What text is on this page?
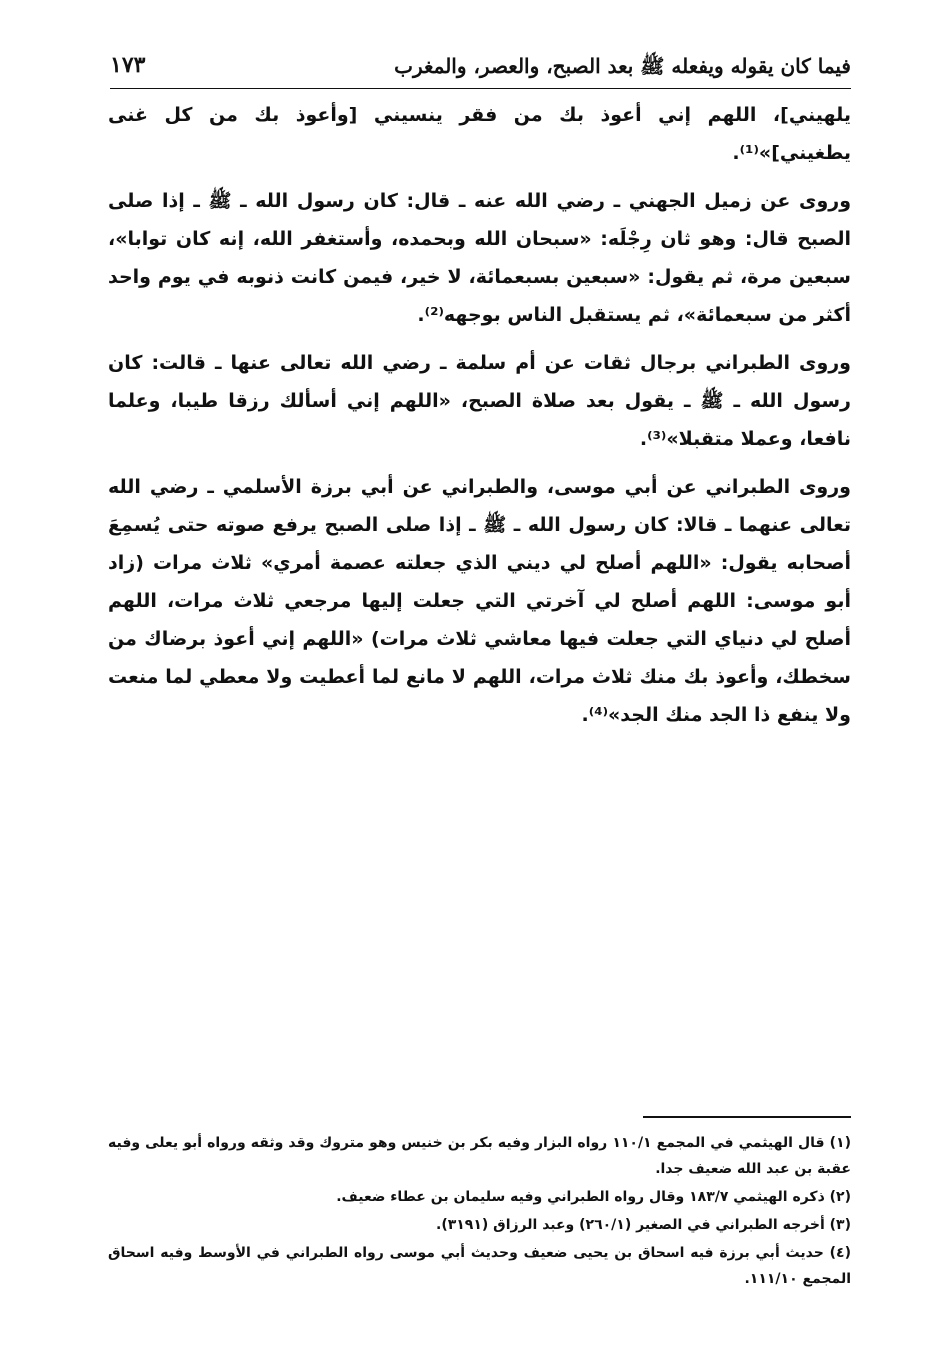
فيما كان يقوله ويفعله ﷺ بعد الصبح، والعصر، والمغرب
١٧٣

يلهيني]، اللهم إني أعوذ بك من فقر ينسيني [وأعوذ بك من كل غنى يطغيني]»⁽¹⁾.

وروى عن زميل الجهني ـ رضي الله عنه ـ قال: كان رسول الله ـ ﷺ ـ إذا صلى الصبح قال: وهو ثان رِجْلَه: «سبحان الله وبحمده، وأستغفر الله، إنه كان توابا»، سبعين مرة، ثم يقول: «سبعين بسبعمائة، لا خير، فيمن كانت ذنوبه في يوم واحد أكثر من سبعمائة»، ثم يستقبل الناس بوجهه⁽²⁾.

وروى الطبراني برجال ثقات عن أم سلمة ـ رضي الله تعالى عنها ـ قالت: كان رسول الله ـ ﷺ ـ يقول بعد صلاة الصبح، «اللهم إني أسألك رزقا طيبا، وعلما نافعا، وعملا متقبلا»⁽³⁾.

وروى الطبراني عن أبي موسى، والطبراني عن أبي برزة الأسلمي ـ رضي الله تعالى عنهما ـ قالا: كان رسول الله ـ ﷺ ـ إذا صلى الصبح يرفع صوته حتى يُسمِعَ أصحابه يقول: «اللهم أصلح لي ديني الذي جعلته عصمة أمري» ثلاث مرات (زاد أبو موسى: اللهم أصلح لي آخرتي التي جعلت إليها مرجعي ثلاث مرات، اللهم أصلح لي دنياي التي جعلت فيها معاشي ثلاث مرات) «اللهم إني أعوذ برضاك من سخطك، وأعوذ بك منك ثلاث مرات، اللهم لا مانع لما أعطيت ولا معطي لما منعت ولا ينفع ذا الجد منك الجد»⁽⁴⁾.

(١) قال الهيثمي في المجمع ١١٠/١ رواه البزار وفيه بكر بن خنيس وهو متروك وقد وثقه ورواه أبو يعلى وفيه عقبة بن عبد الله ضعيف جدا.

(٢) ذكره الهيثمي ١٨٣/٧ وقال رواه الطبراني وفيه سليمان بن عطاء ضعيف.

(٣) أخرجه الطبراني في الصغير (٢٦٠/١) وعبد الرزاق (٣١٩١).

(٤) حديث أبي برزة فيه اسحاق بن يحيى ضعيف وحديث أبي موسى رواه الطبراني في الأوسط وفيه اسحاق المجمع ١١١/١٠.
